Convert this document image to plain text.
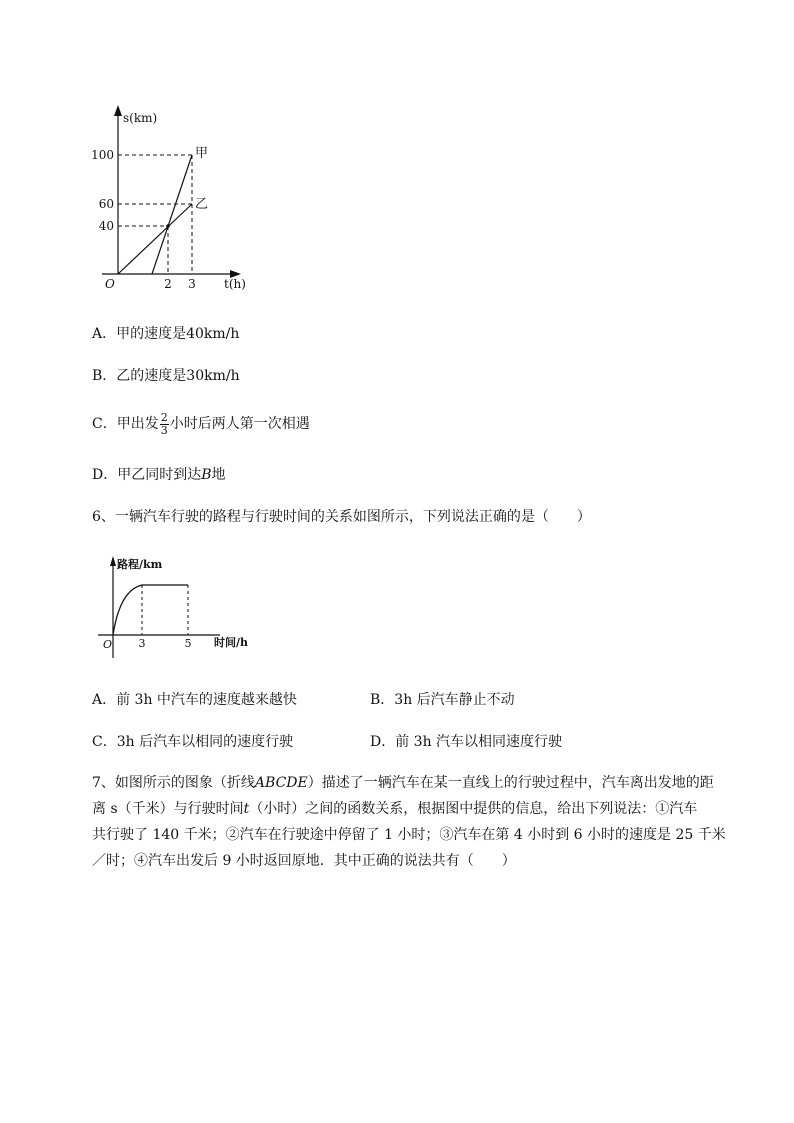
s(km)
t(h)
O
100
60
40
2 3
甲
乙
A．甲的速度是40km/h
B．乙的速度是30km/h
C．甲出发 $\frac{2}{3}$ 小时后两人第一次相遇
D．甲乙同时到达B地
6、一辆汽车行驶的路程与行驶时间的关系如图所示，下列说法正确的是（　　）
路程/km
时间/h
O 3	5
A．前 3h 中汽车的速度越来越快	B．3h 后汽车静止不动
C．3h 后汽车以相同的速度行驶	D．前 3h 汽车以相同速度行驶

7、如图所示的图象（折线ABCDE）描述了一辆汽车在某一直线上的行驶过程中，汽车离出发地的距

离 s（千米）与行驶时间t（小时）之间的函数关系，根据图中提供的信息，给出下列说法：①汽车

共行驶了 140 千米；②汽车在行驶途中停留了 1 小时；③汽车在第 4 小时到 6 小时的速度是 25 千米

／时；④汽车出发后 9 小时返回原地．其中正确的说法共有（　　）
